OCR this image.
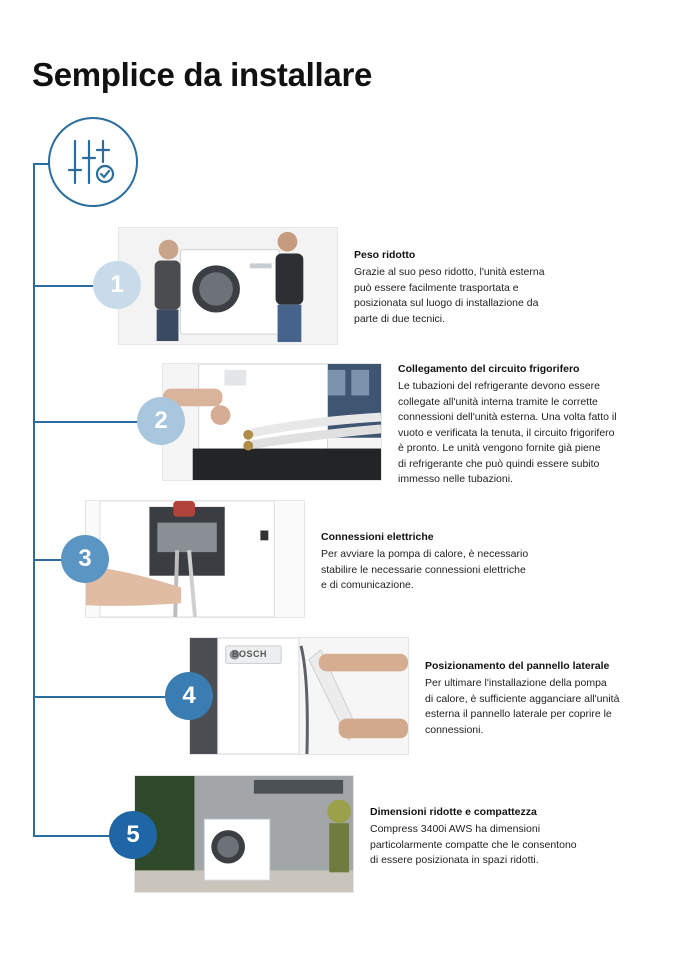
Semplice da installare
1

Peso ridotto

Grazie al suo peso ridotto, l'unità esterna
può essere facilmente trasportata e
posizionata sul luogo di installazione da
parte di due tecnici.

2

Collegamento del circuito frigorifero

Le tubazioni del refrigerante devono essere
collegate all'unità interna tramite le corrette
connessioni dell'unità esterna. Una volta fatto il
vuoto e verificata la tenuta, il circuito frigorifero
è pronto. Le unità vengono fornite già piene
di refrigerante che può quindi essere subito
immesso nelle tubazioni.

3

Connessioni elettriche

Per avviare la pompa di calore, è necessario
stabilire le necessarie connessioni elettriche
e di comunicazione.

BOSCH
4

Posizionamento del pannello laterale

Per ultimare l'installazione della pompa
di calore, è sufficiente agganciare all'unità
esterna il pannello laterale per coprire le
connessioni.

5

Dimensioni ridotte e compattezza

Compress 3400i AWS ha dimensioni
particolarmente compatte che le consentono
di essere posizionata in spazi ridotti.
